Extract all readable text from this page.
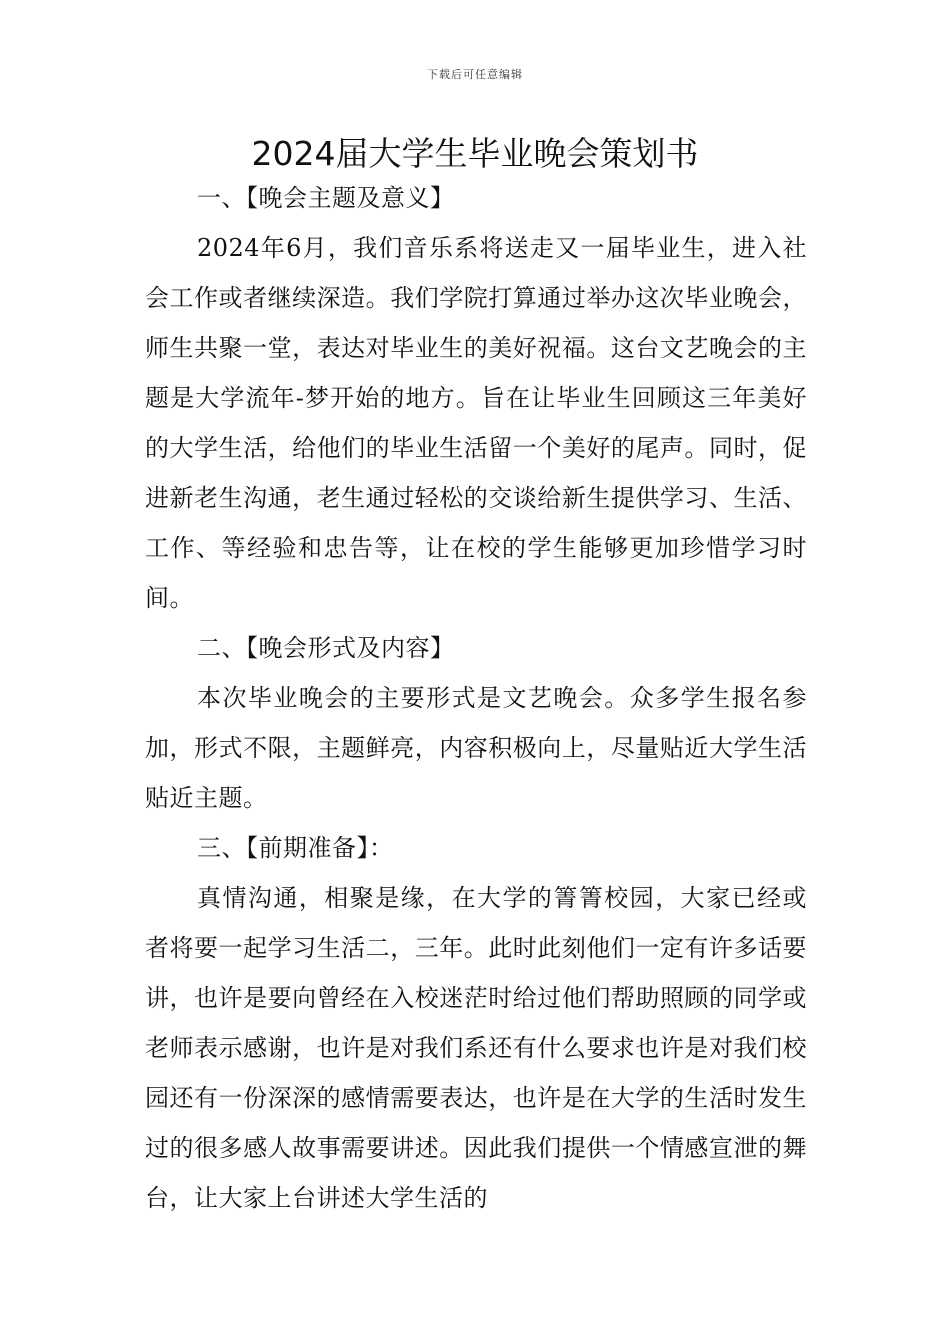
下载后可任意编辑
2024届大学生毕业晚会策划书

一、【晚会主题及意义】

2024年6月，我们音乐系将送走又一届毕业生，进入社会工作或者继续深造。我们学院打算通过举办这次毕业晚会，师生共聚一堂，表达对毕业生的美好祝福。这台文艺晚会的主题是大学流年-梦开始的地方。旨在让毕业生回顾这三年美好的大学生活，给他们的毕业生活留一个美好的尾声。同时，促进新老生沟通，老生通过轻松的交谈给新生提供学习、生活、工作、等经验和忠告等，让在校的学生能够更加珍惜学习时间。

二、【晚会形式及内容】

本次毕业晚会的主要形式是文艺晚会。众多学生报名参加，形式不限，主题鲜亮，内容积极向上，尽量贴近大学生活贴近主题。

三、【前期准备】：

真情沟通，相聚是缘，在大学的箐箐校园，大家已经或者将要一起学习生活二，三年。此时此刻他们一定有许多话要讲，也许是要向曾经在入校迷茫时给过他们帮助照顾的同学或老师表示感谢，也许是对我们系还有什么要求也许是对我们校园还有一份深深的感情需要表达，也许是在大学的生活时发生过的很多感人故事需要讲述。因此我们提供一个情感宣泄的舞台，让大家上台讲述大学生活的
